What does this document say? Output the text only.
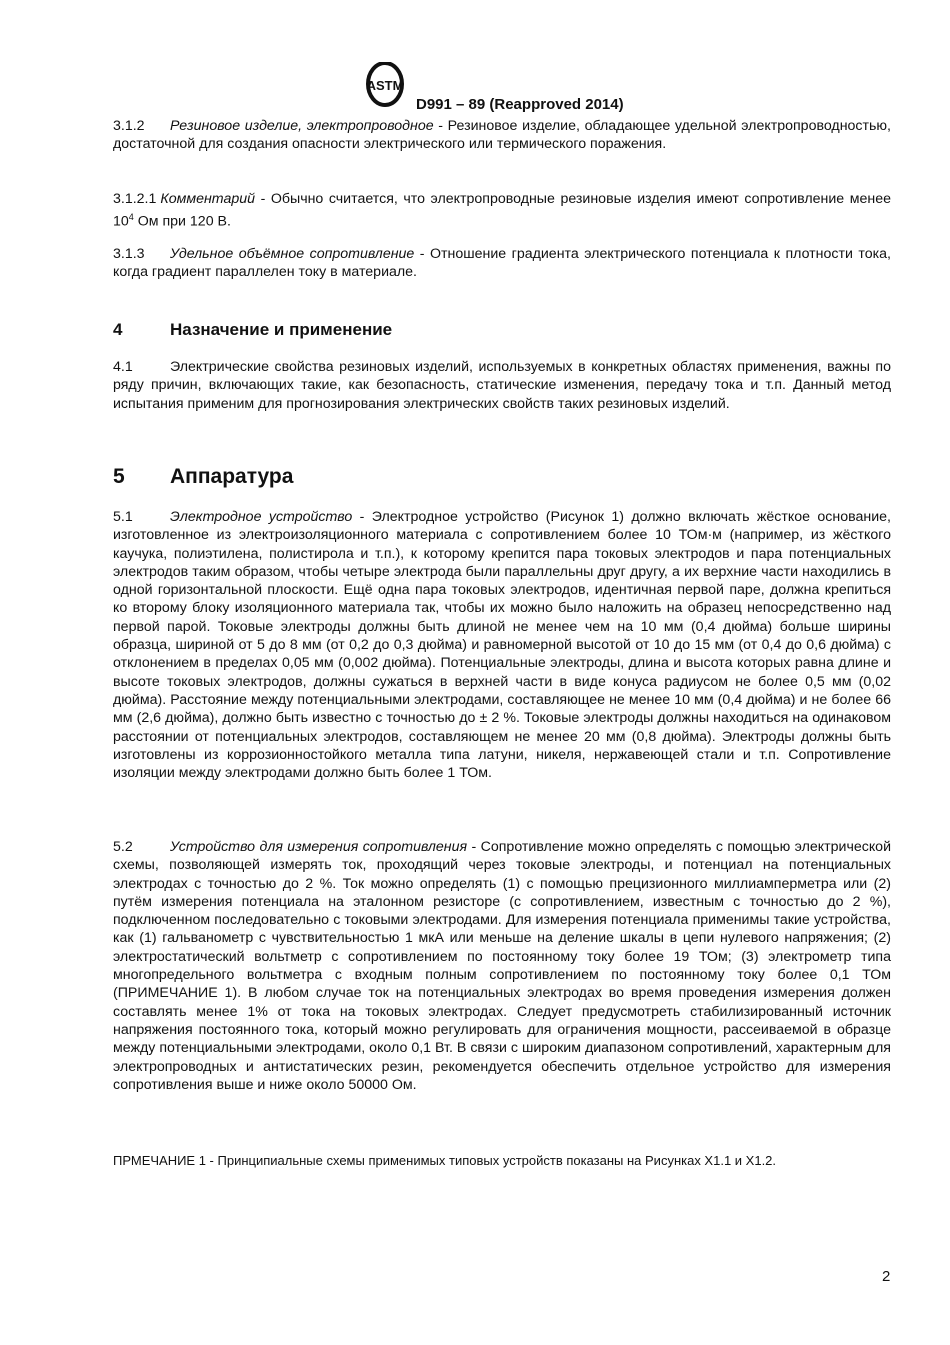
ASTM
D991 – 89 (Reapproved 2014)
3.1.2 Резиновое изделие, электропроводное - Резиновое изделие, обладающее удельной электропроводностью, достаточной для создания опасности электрического или термического поражения.
3.1.2.1 Комментарий - Обычно считается, что электропроводные резиновые изделия имеют сопротивление менее $10^4$ Ом при 120 В.
3.1.3 Удельное объёмное сопротивление - Отношение градиента электрического потенциала к плотности тока, когда градиент параллелен току в материале.
4	Назначение и применение
4.1	Электрические свойства резиновых изделий, используемых в конкретных областях применения, важны по ряду причин, включающих такие, как безопасность, статические изменения, передачу тока и т.п. Данный метод испытания применим для прогнозирования электрических свойств таких резиновых изделий.
5 Аппаратура
5.1	Электродное устройство - Электродное устройство (Рисунок 1) должно включать жёсткое основание, изготовленное из электроизоляционного материала с сопротивлением более 10 ТОм·м (например, из жёсткого каучука, полиэтилена, полистирола и т.п.), к которому крепится пара токовых электродов и пара потенциальных электродов таким образом, чтобы четыре электрода были параллельны друг другу, а их верхние части находились в одной горизонтальной плоскости. Ещё одна пара токовых электродов, идентичная первой паре, должна крепиться ко второму блоку изоляционного материала так, чтобы их можно было наложить на образец непосредственно над первой парой. Токовые электроды должны быть длиной не менее чем на 10 мм (0,4 дюйма) больше ширины образца, шириной от 5 до 8 мм (от 0,2 до 0,3 дюйма) и равномерной высотой от 10 до 15 мм (от 0,4 до 0,6 дюйма) с отклонением в пределах 0,05 мм (0,002 дюйма). Потенциальные электроды, длина и высота которых равна длине и высоте токовых электродов, должны сужаться в верхней части в виде конуса радиусом не более 0,5 мм (0,02 дюйма). Расстояние между потенциальными электродами, составляющее не менее 10 мм (0,4 дюйма) и не более 66 мм (2,6 дюйма), должно быть известно с точностью до ± 2 %. Токовые электроды должны находиться на одинаковом расстоянии от потенциальных электродов, составляющем не менее 20 мм (0,8 дюйма). Электроды должны быть изготовлены из коррозионностойкого металла типа латуни, никеля, нержавеющей стали и т.п. Сопротивление изоляции между электродами должно быть более 1 ТОм.
5.2	Устройство для измерения сопротивления - Сопротивление можно определять с помощью электрической схемы, позволяющей измерять ток, проходящий через токовые электроды, и потенциал на потенциальных электродах с точностью до 2 %. Ток можно определять (1) с помощью прецизионного миллиамперметра или (2) путём измерения потенциала на эталонном резисторе (с сопротивлением, известным с точностью до 2 %), подключенном последовательно с токовыми электродами. Для измерения потенциала применимы такие устройства, как (1) гальванометр с чувствительностью 1 мкА или меньше на деление шкалы в цепи нулевого напряжения; (2) электростатический вольтметр с сопротивлением по постоянному току более 19 ТОм; (3) электрометр типа многопредельного вольтметра с входным полным сопротивлением по постоянному току более 0,1 ТОм (ПРИМЕЧАНИЕ 1). В любом случае ток на потенциальных электродах во время проведения измерения должен составлять менее 1% от тока на токовых электродах. Следует предусмотреть стабилизированный источник напряжения постоянного тока, который можно регулировать для ограничения мощности, рассеиваемой в образце между потенциальными электродами, около 0,1 Вт. В связи с широким диапазоном сопротивлений, характерным для электропроводных и антистатических резин, рекомендуется обеспечить отдельное устройство для измерения сопротивления выше и ниже около 50000 Ом.
ПРМЕЧАНИЕ 1 - Принципиальные схемы применимых типовых устройств показаны на Рисунках X1.1 и X1.2.
2
